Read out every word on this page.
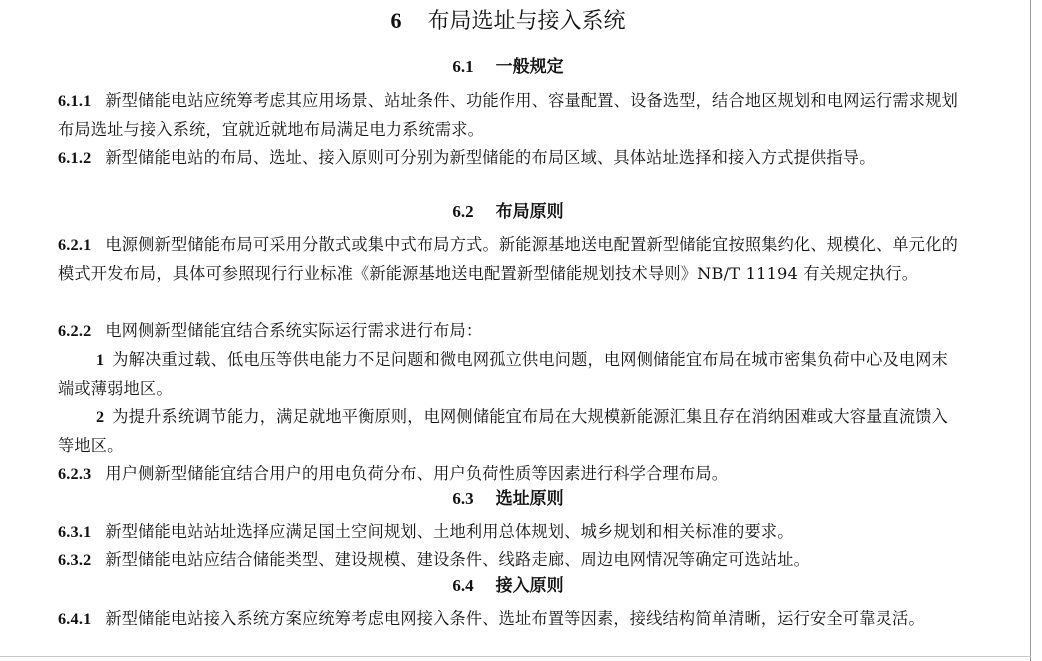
6 布局选址与接入系统
6.1 一般规定
6.1.1 新型储能电站应统筹考虑其应用场景、站址条件、功能作用、容量配置、设备选型，结合地区规划和电网运行需求规划布局选址与接入系统，宜就近就地布局满足电力系统需求。
6.1.2 新型储能电站的布局、选址、接入原则可分别为新型储能的布局区域、具体站址选择和接入方式提供指导。
6.2 布局原则
6.2.1 电源侧新型储能布局可采用分散式或集中式布局方式。新能源基地送电配置新型储能宜按照集约化、规模化、单元化的模式开发布局，具体可参照现行行业标准《新能源基地送电配置新型储能规划技术导则》NB/T 11194 有关规定执行。
6.2.2 电网侧新型储能宜结合系统实际运行需求进行布局：
1 为解决重过载、低电压等供电能力不足问题和微电网孤立供电问题，电网侧储能宜布局在城市密集负荷中心及电网末端或薄弱地区。
2 为提升系统调节能力，满足就地平衡原则，电网侧储能宜布局在大规模新能源汇集且存在消纳困难或大容量直流馈入等地区。
6.2.3 用户侧新型储能宜结合用户的用电负荷分布、用户负荷性质等因素进行科学合理布局。
6.3 选址原则
6.3.1 新型储能电站站址选择应满足国土空间规划、土地利用总体规划、城乡规划和相关标准的要求。
6.3.2 新型储能电站应结合储能类型、建设规模、建设条件、线路走廊、周边电网情况等确定可选站址。
6.4 接入原则
6.4.1 新型储能电站接入系统方案应统筹考虑电网接入条件、选址布置等因素，接线结构简单清晰，运行安全可靠灵活。
